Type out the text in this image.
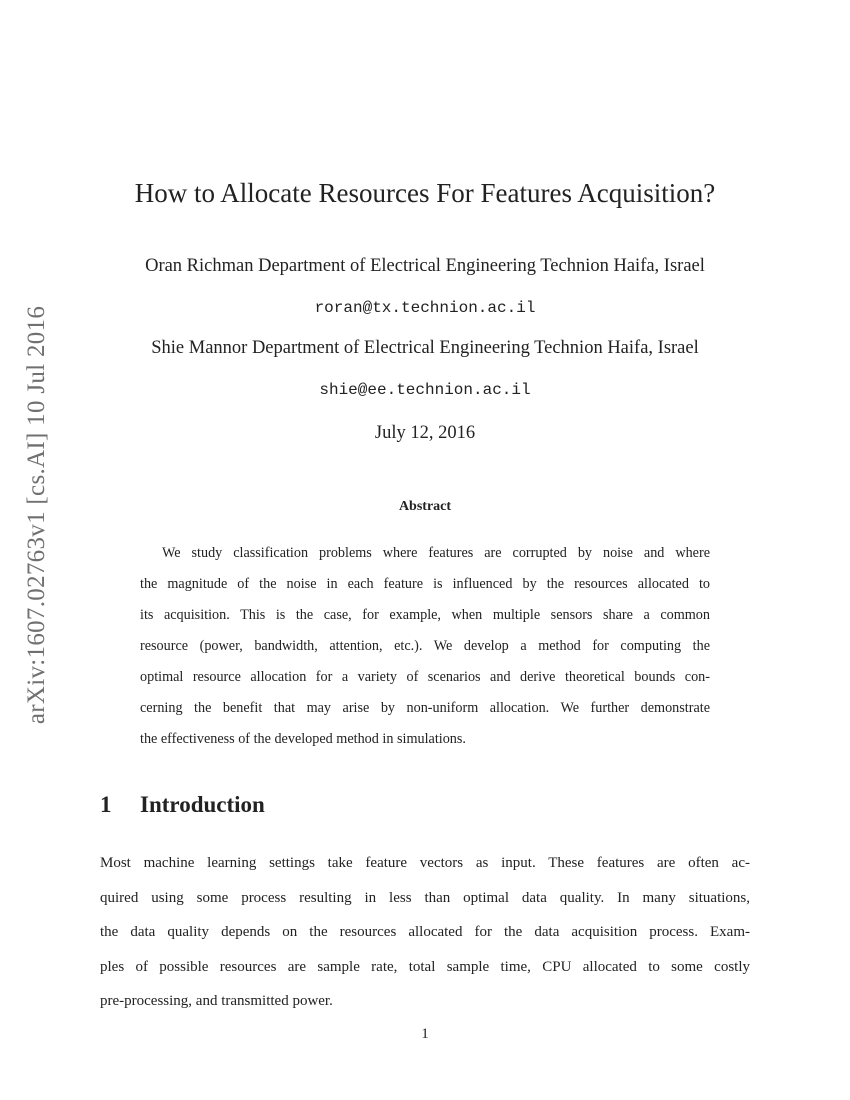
arXiv:1607.02763v1 [cs.AI] 10 Jul 2016
How to Allocate Resources For Features Acquisition?
Oran Richman Department of Electrical Engineering Technion Haifa, Israel
roran@tx.technion.ac.il
Shie Mannor Department of Electrical Engineering Technion Haifa, Israel
shie@ee.technion.ac.il
July 12, 2016
Abstract
We study classification problems where features are corrupted by noise and where
the magnitude of the noise in each feature is influenced by the resources allocated to
its acquisition. This is the case, for example, when multiple sensors share a common
resource (power, bandwidth, attention, etc.). We develop a method for computing the
optimal resource allocation for a variety of scenarios and derive theoretical bounds con-
cerning the benefit that may arise by non-uniform allocation. We further demonstrate
the effectiveness of the developed method in simulations.
1 Introduction
Most machine learning settings take feature vectors as input. These features are often ac-
quired using some process resulting in less than optimal data quality. In many situations,
the data quality depends on the resources allocated for the data acquisition process. Exam-
ples of possible resources are sample rate, total sample time, CPU allocated to some costly
pre-processing, and transmitted power.
1
